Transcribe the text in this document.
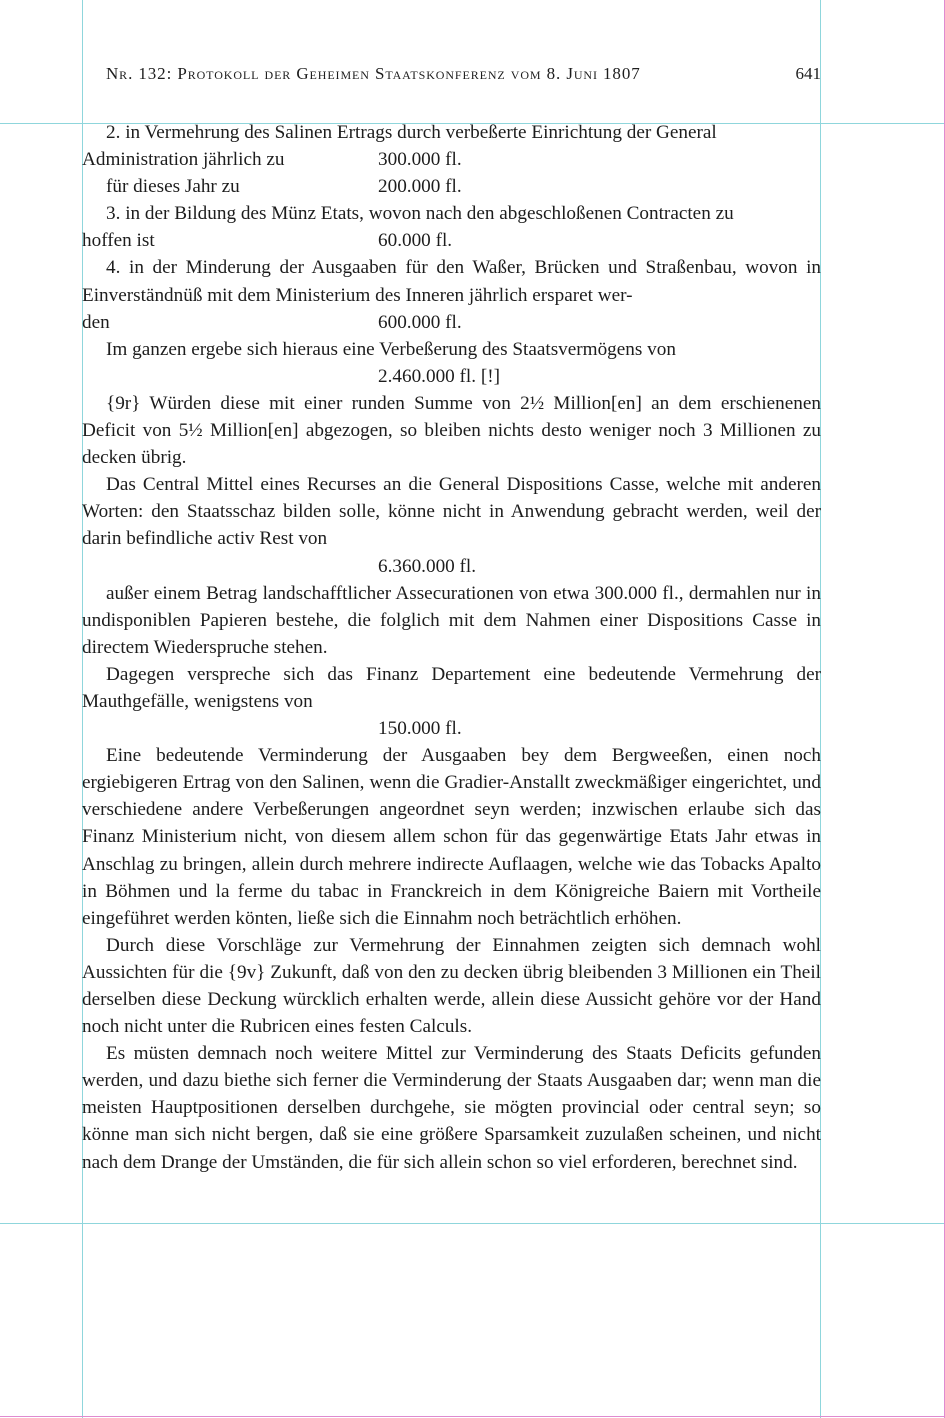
Nr. 132: Protokoll der Geheimen Staatskonferenz vom 8. Juni 1807	641

2. in Vermehrung des Salinen Ertrags durch verbeßerte Einrichtung der General

Administration jährlich zu	300.000 fl.
für dieses Jahr zu	200.000 fl.

3. in der Bildung des Münz Etats, wovon nach den abgeschloßenen Contracten zu

hoffen ist	60.000 fl.

4. in der Minderung der Ausgaaben für den Waßer, Brücken und Straßenbau, wovon in Einverständnüß mit dem Ministerium des Inneren jährlich ersparet wer-

den	600.000 fl.

Im ganzen ergebe sich hieraus eine Verbeßerung des Staatsvermögens von

2.460.000 fl. [!]

{9r} Würden diese mit einer runden Summe von 2½ Million[en] an dem erschienenen Deficit von 5½ Million[en] abgezogen, so bleiben nichts desto weniger noch 3 Millionen zu decken übrig.

Das Central Mittel eines Recurses an die General Dispositions Casse, welche mit anderen Worten: den Staatsschaz bilden solle, könne nicht in Anwendung gebracht werden, weil der darin befindliche activ Rest von

6.360.000 fl.

außer einem Betrag landschafftlicher Assecurationen von etwa 300.000 fl., dermahlen nur in undisponiblen Papieren bestehe, die folglich mit dem Nahmen einer Dispositions Casse in directem Wiederspruche stehen.

Dagegen verspreche sich das Finanz Departement eine bedeutende Vermehrung der Mauthgefälle, wenigstens von

150.000 fl.

Eine bedeutende Verminderung der Ausgaaben bey dem Bergweeßen, einen noch ergiebigeren Ertrag von den Salinen, wenn die Gradier-Anstallt zweckmäßiger eingerichtet, und verschiedene andere Verbeßerungen angeordnet seyn werden; inzwischen erlaube sich das Finanz Ministerium nicht, von diesem allem schon für das gegenwärtige Etats Jahr etwas in Anschlag zu bringen, allein durch mehrere indirecte Auflaagen, welche wie das Tobacks Apalto in Böhmen und la ferme du tabac in Franckreich in dem Königreiche Baiern mit Vortheile eingeführet werden könten, ließe sich die Einnahm noch beträchtlich erhöhen.

Durch diese Vorschläge zur Vermehrung der Einnahmen zeigten sich demnach wohl Aussichten für die {9v} Zukunft, daß von den zu decken übrig bleibenden 3 Millionen ein Theil derselben diese Deckung würcklich erhalten werde, allein diese Aussicht gehöre vor der Hand noch nicht unter die Rubricen eines festen Calculs.

Es müsten demnach noch weitere Mittel zur Verminderung des Staats Deficits gefunden werden, und dazu biethe sich ferner die Verminderung der Staats Ausgaaben dar; wenn man die meisten Hauptpositionen derselben durchgehe, sie mögten provincial oder central seyn; so könne man sich nicht bergen, daß sie eine größere Sparsamkeit zuzulaßen scheinen, und nicht nach dem Drange der Umständen, die für sich allein schon so viel erforderen, berechnet sind.
